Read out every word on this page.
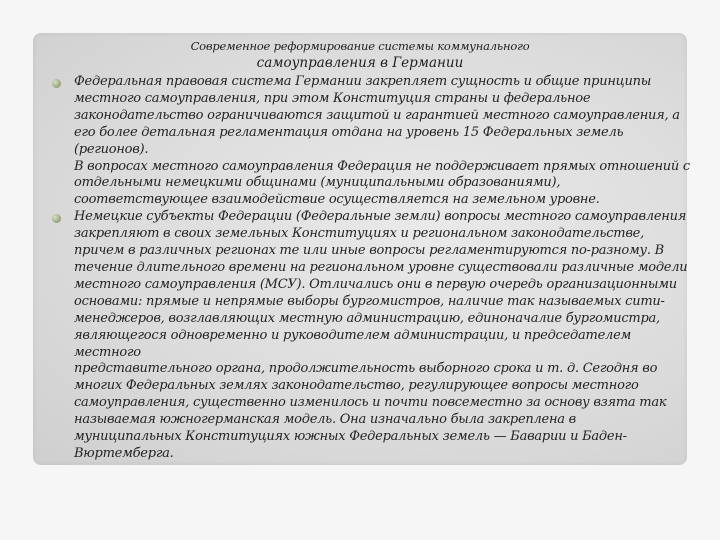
Современное реформирование системы коммунального
самоуправления в Германии
Федеральная правовая система Германии закрепляет сущность и общие принципы
местного самоуправления, при этом Конституция страны и федеральное
законодательство ограничиваются защитой и гарантией местного самоуправления, а
его более детальная регламентация отдана на уровень 15 Федеральных земель (регионов).
В вопросах местного самоуправления Федерация не поддерживает прямых отношений с
отдельными немецкими общинами (муниципальными образованиями),
соответствующее взаимодействие осуществляется на земельном уровне.
Немецкие субъекты Федерации (Федеральные земли) вопросы местного самоуправления
закрепляют в своих земельных Конституциях и региональном законодательстве,
причем в различных регионах те или иные вопросы регламентируются по-разному. В
течение длительного времени на региональном уровне существовали различные модели
местного самоуправления (МСУ). Отличались они в первую очередь организационными
основами: прямые и непрямые выборы бургомистров, наличие так называемых сити-
менеджеров, возглавляющих местную администрацию, единоначалие бургомистра,
являющегося одновременно и руководителем администрации, и председателем местного
представительного органа, продолжительность выборного срока и т. д. Сегодня во
многих Федеральных землях законодательство, регулирующее вопросы местного
самоуправления, существенно изменилось и почти повсеместно за основу взята так
называемая южногерманская модель. Она изначально была закреплена в
муниципальных Конституциях южных Федеральных земель — Баварии и Баден-
Вюртемберга.
